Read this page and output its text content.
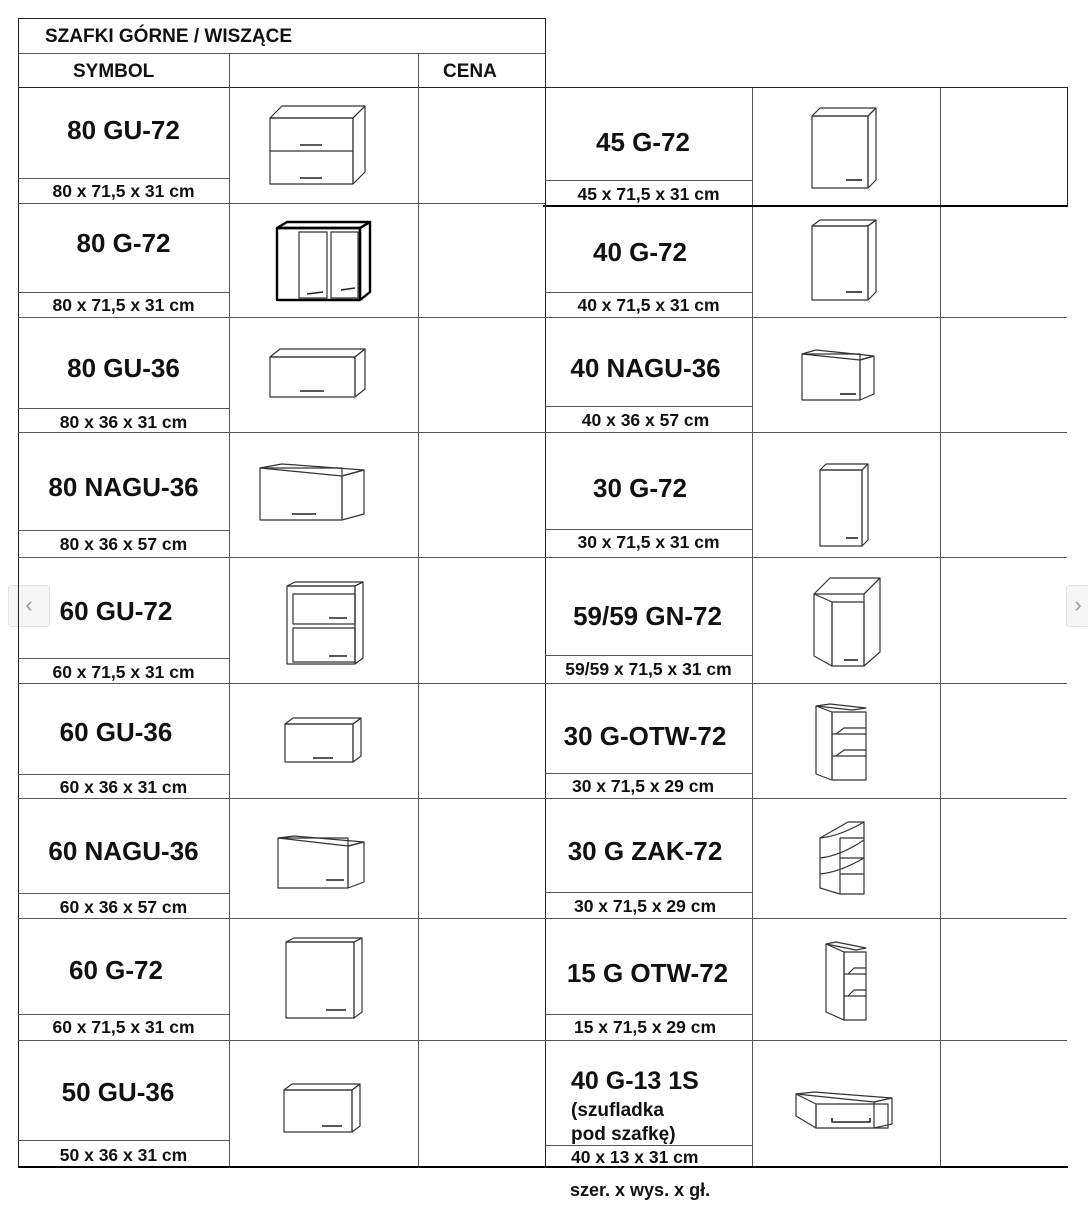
‹	›
SZAFKI GÓRNE / WISZĄCE
SYMBOL	CENA
80 GU-72
80 x 71,5 x 31 cm
80 G-72
80 x 71,5 x 31 cm
80 GU-36
80 x 36 x 31 cm
80 NAGU-36
80 x 36 x 57 cm
60 GU-72
60 x 71,5 x 31 cm
60 GU-36
60 x 36 x 31 cm
60 NAGU-36
60 x 36 x 57 cm
60 G-72
60 x 71,5 x 31 cm
50 GU-36
50 x 36 x 31 cm
45 G-72
45 x 71,5 x 31 cm
40 G-72
40 x 71,5 x 31 cm
40 NAGU-36
40 x 36 x 57 cm
30 G-72
30 x 71,5 x 31 cm
59/59 GN-72
59/59 x 71,5 x 31 cm
30 G-OTW-72
30 x 71,5 x 29 cm
30 G ZAK-72
30 x 71,5 x 29 cm
15 G OTW-72
15 x 71,5 x 29 cm
40 G-13 1S
(szufladka
pod szafkę)
40 x 13 x 31 cm
szer. x wys. x gł.
